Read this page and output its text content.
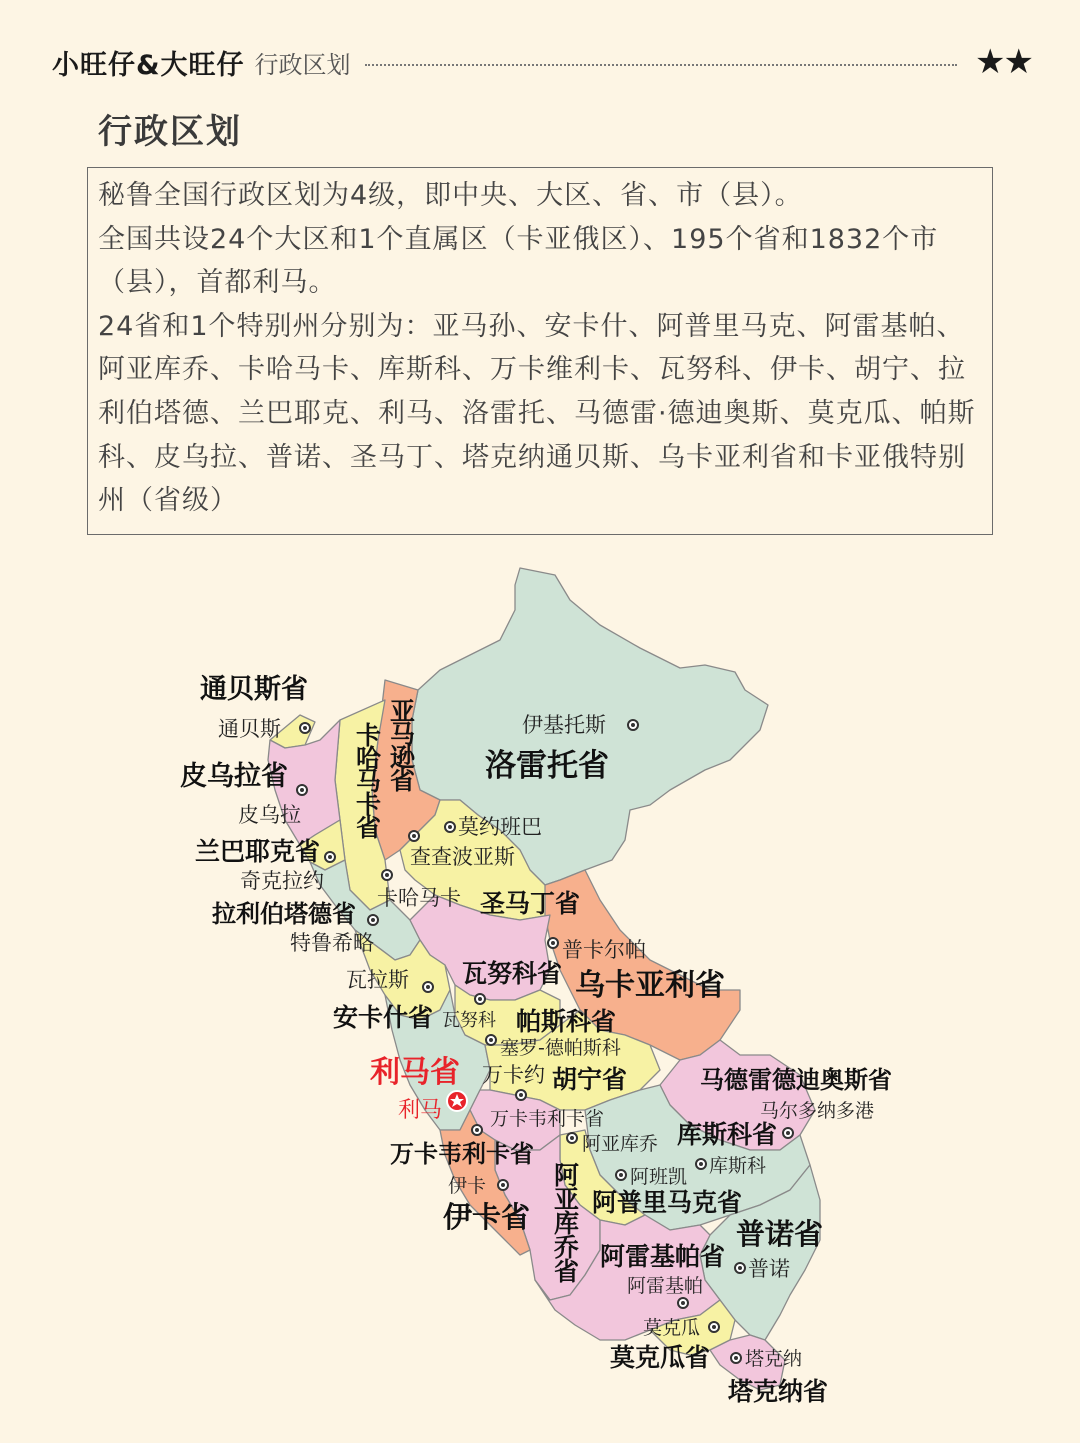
小旺仔&大旺仔 行政区划	★★
行政区划

秘鲁全国行政区划为4级，即中央、大区、省、市（县）。

全国共设24个大区和1个直属区（卡亚俄区）、195个省和1832个市（县），首都利马。

24省和1个特别州分别为：亚马孙、安卡什、阿普里马克、阿雷基帕、阿亚库乔、卡哈马卡、库斯科、万卡维利卡、瓦努科、伊卡、胡宁、拉利伯塔德、兰巴耶克、利马、洛雷托、马德雷·德迪奥斯、莫克瓜、帕斯科、皮乌拉、普诺、圣马丁、塔克纳通贝斯、乌卡亚利省和卡亚俄特别州（省级）

通贝斯省
皮乌拉省
兰巴耶克省
拉利伯塔德省
洛雷托省
圣马丁省
乌卡亚利省
瓦努科省
安卡什省	帕斯科省
利马省	胡宁省	马德雷德迪奥斯省
万卡韦利卡省
库斯科省
阿普里马克省
伊卡省	普诺省
阿雷基帕省
莫克瓜省
塔克纳省
亚马逊省
卡哈马卡省
阿亚库乔省
通贝斯	伊基托斯
皮乌拉	莫约班巴
查查波亚斯
奇克拉约
卡哈马卡
特鲁希略	普卡尔帕
瓦拉斯
瓦努科
塞罗-德帕斯科
万卡约
利马	万卡韦利卡省
阿亚库乔
马尔多纳多港
阿班凯 库斯科
伊卡
普诺
阿雷基帕
莫克瓜
塔克纳
